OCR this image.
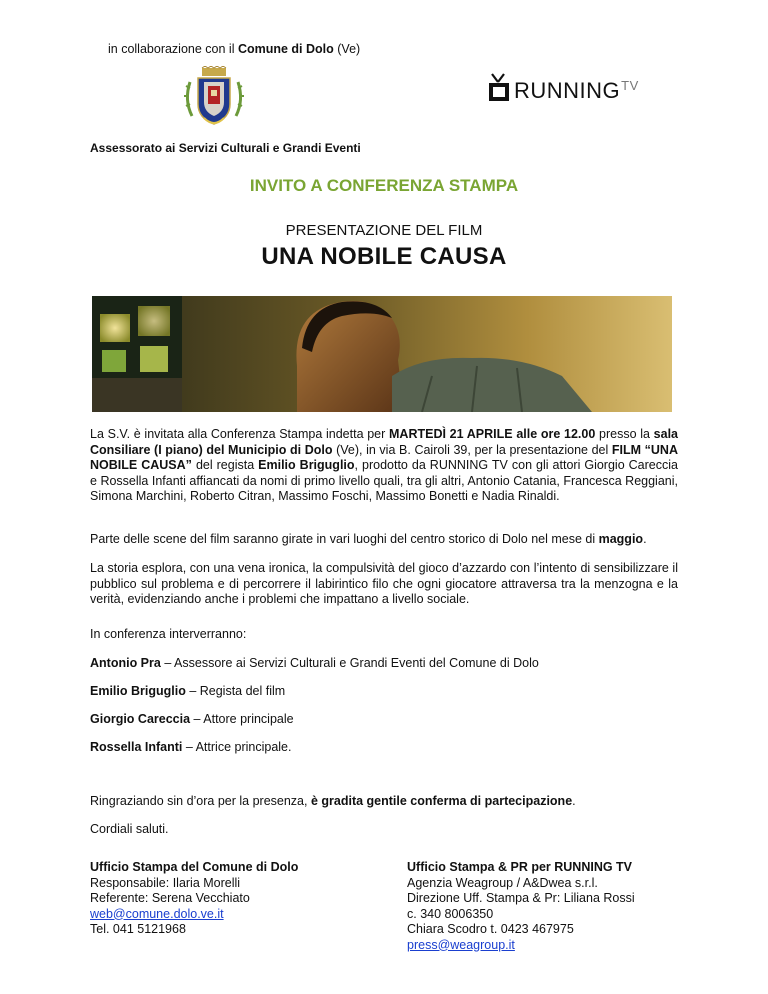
in collaborazione con il Comune di Dolo (Ve)
$RUNNING^{TV}$
Assessorato ai Servizi Culturali e Grandi Eventi
INVITO A CONFERENZA STAMPA
PRESENTAZIONE DEL FILM
UNA NOBILE CAUSA
La S.V. è invitata alla Conferenza Stampa indetta per MARTEDÌ 21 APRILE alle ore 12.00 presso la sala Consiliare (I piano) del Municipio di Dolo (Ve), in via B. Cairoli 39, per la presentazione del FILM “UNA NOBILE CAUSA” del regista Emilio Briguglio, prodotto da RUNNING TV con gli attori Giorgio Careccia e Rossella Infanti affiancati da nomi di primo livello quali, tra gli altri, Antonio Catania, Francesca Reggiani, Simona Marchini, Roberto Citran, Massimo Foschi, Massimo Bonetti e Nadia Rinaldi.
Parte delle scene del film saranno girate in vari luoghi del centro storico di Dolo nel mese di maggio.
La storia esplora, con una vena ironica, la compulsività del gioco d’azzardo con l’intento di sensibilizzare il pubblico sul problema e di percorrere il labirintico filo che ogni giocatore attraversa tra la menzogna e la verità, evidenziando anche i problemi che impattano a livello sociale.
In conferenza interverranno:
Antonio Pra – Assessore ai Servizi Culturali e Grandi Eventi del Comune di Dolo
Emilio Briguglio – Regista del film
Giorgio Careccia – Attore principale
Rossella Infanti – Attrice principale.
Ringraziando sin d’ora per la presenza, è gradita gentile conferma di partecipazione.
Cordiali saluti.
Ufficio Stampa del Comune di Dolo
Responsabile: Ilaria Morelli
Referente: Serena Vecchiato
web@comune.dolo.ve.it
Tel. 041 5121968
Ufficio Stampa & PR per RUNNING TV
Agenzia Weagroup / A&Dwea s.r.l.
Direzione Uff. Stampa & Pr: Liliana Rossi
c. 340 8006350
Chiara Scodro t. 0423 467975
press@weagroup.it
